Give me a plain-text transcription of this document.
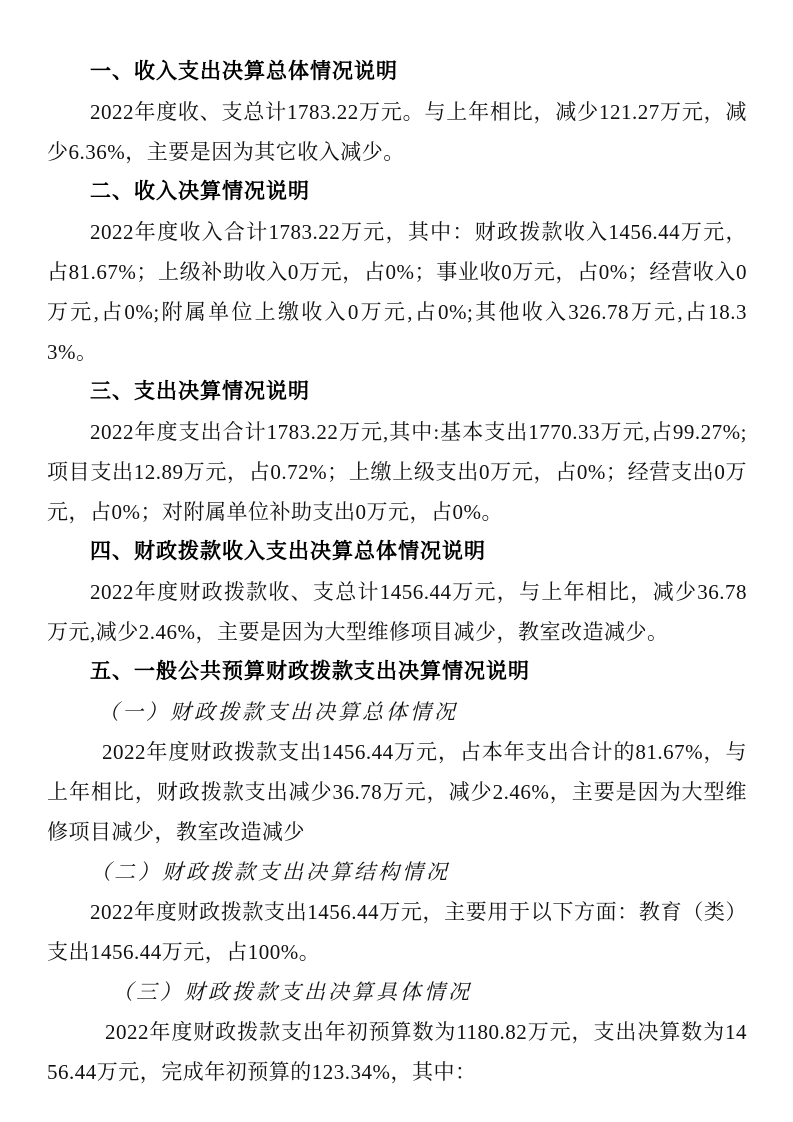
一、收入支出决算总体情况说明
2022年度收、支总计1783.22万元。与上年相比，减少121.27万元，减少6.36%，主要是因为其它收入减少。
二、收入决算情况说明
2022年度收入合计1783.22万元，其中：财政拨款收入1456.44万元，占81.67%；上级补助收入0万元，占0%；事业收0万元，占0%；经营收入0万元,占0%;附属单位上缴收入0万元,占0%;其他收入326.78万元,占18.33%。
三、支出决算情况说明
2022年度支出合计1783.22万元,其中:基本支出1770.33万元,占99.27%;项目支出12.89万元，占0.72%；上缴上级支出0万元，占0%；经营支出0万元，占0%；对附属单位补助支出0万元，占0%。
四、财政拨款收入支出决算总体情况说明
2022年度财政拨款收、支总计1456.44万元，与上年相比，减少36.78万元,减少2.46%，主要是因为大型维修项目减少，教室改造减少。
五、一般公共预算财政拨款支出决算情况说明
（一）财政拨款支出决算总体情况
2022年度财政拨款支出1456.44万元，占本年支出合计的81.67%，与上年相比，财政拨款支出减少36.78万元，减少2.46%，主要是因为大型维修项目减少，教室改造减少
（二）财政拨款支出决算结构情况
2022年度财政拨款支出1456.44万元，主要用于以下方面：教育（类）支出1456.44万元，占100%。
（三）财政拨款支出决算具体情况
2022年度财政拨款支出年初预算数为1180.82万元，支出决算数为1456.44万元，完成年初预算的123.34%，其中：
